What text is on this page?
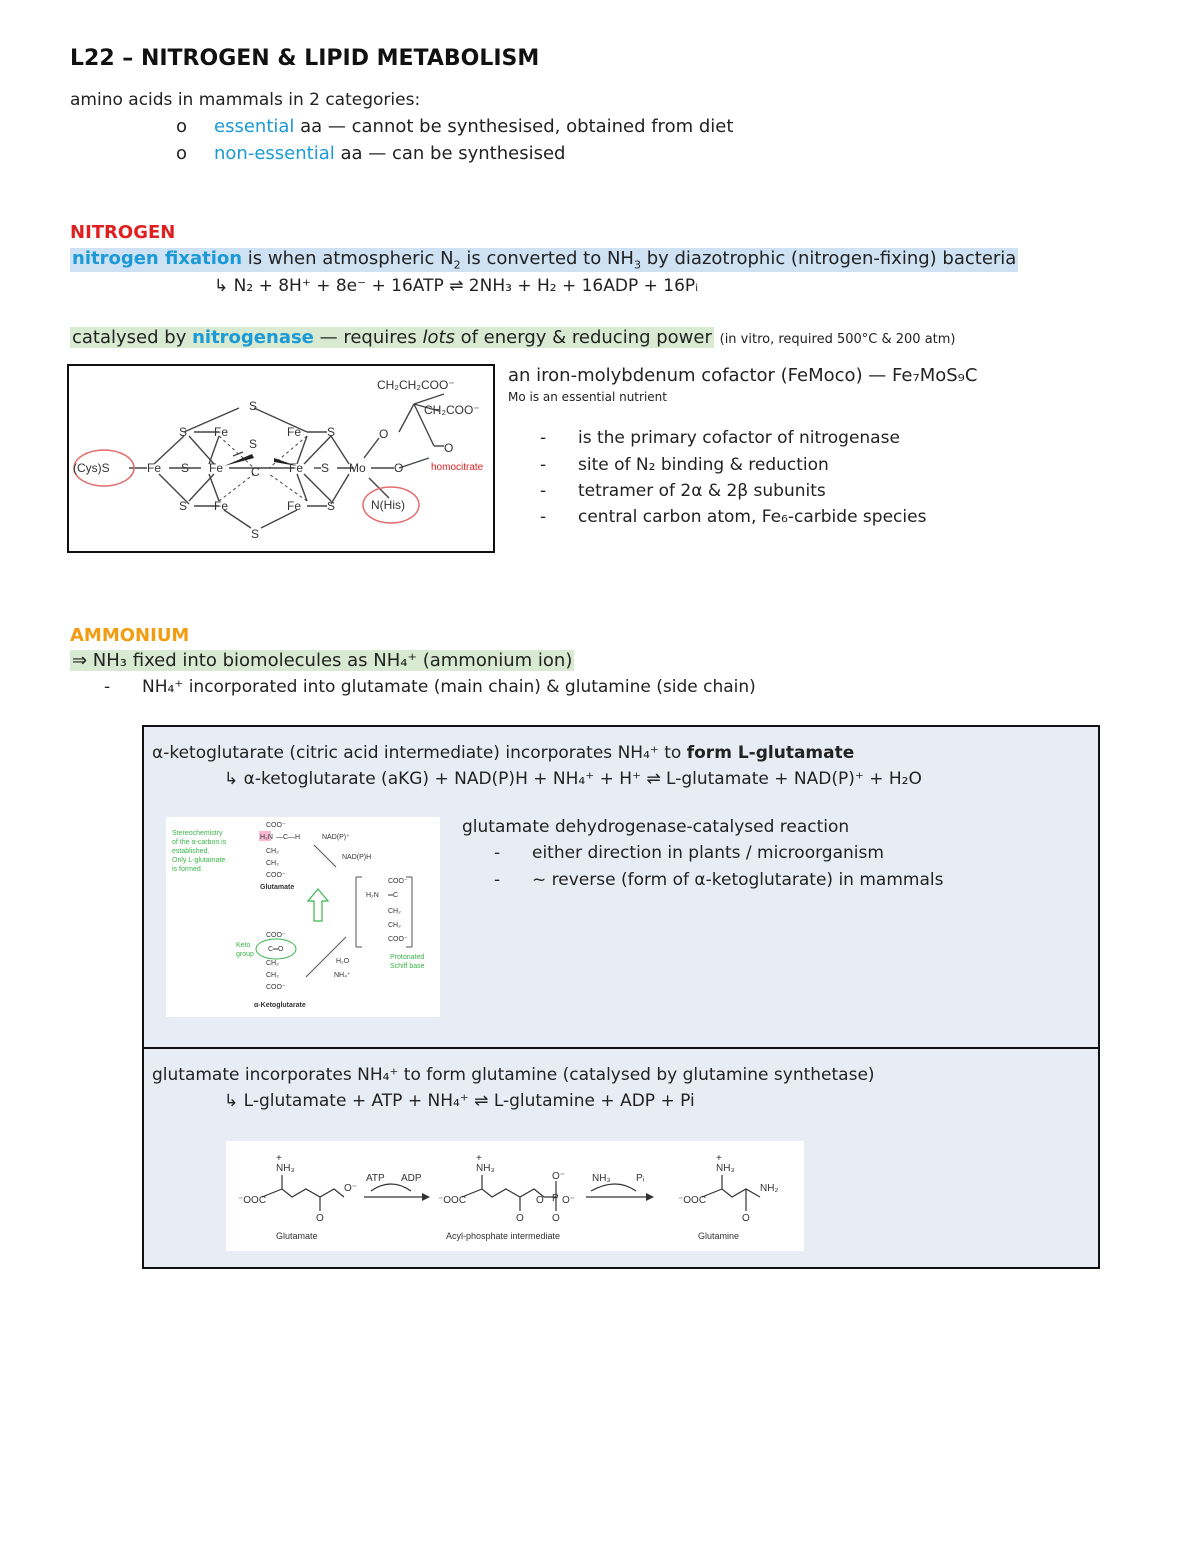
L22 – NITROGEN & LIPID METABOLISM
amino acids in mammals in 2 categories:
o essential aa — cannot be synthesised, obtained from diet
o non-essential aa — can be synthesised
NITROGEN
nitrogen fixation is when atmospheric $N_2$ is converted to $NH_3$ by diazotrophic (nitrogen-fixing) bacteria
↳ N₂ + 8H⁺ + 8e⁻ + 16ATP ⇌ 2NH₃ + H₂ + 16ADP + 16Pᵢ
catalysed by nitrogenase — requires lots of energy & reducing power (in vitro, required 500°C & 200 atm)
S
S Fe	Fe S
S
(Cys)S	Fe S Fe C Fe S Mo O
O
O
S Fe	Fe S
S
CH₂CH₂COO⁻
CH₂COO⁻
N(His)
homocitrate
an iron-molybdenum cofactor (FeMoco) — Fe₇MoS₉C
Mo is an essential nutrient
- is the primary cofactor of nitrogenase
- site of N₂ binding & reduction
- tetramer of 2α & 2β subunits
- central carbon atom, Fe₆-carbide species
AMMONIUM
⇒ NH₃ fixed into biomolecules as NH₄⁺ (ammonium ion)
- NH₄⁺ incorporated into glutamate (main chain) & glutamine (side chain)
α-ketoglutarate (citric acid intermediate) incorporates NH₄⁺ to form L-glutamate
↳ α-ketoglutarate (aKG) + NAD(P)H + NH₄⁺ + H⁺ ⇌ L-glutamate + NAD(P)⁺ + H₂O
Stereochemistry
of the α-carbon is
established.
Only L-glutamate
is formed.
Keto
group	Protonated
Schiff base
COO⁻
H₃N —C—H
CH₂
CH₂
COO⁻
Glutamate
COO⁻
C═O
CH₂
CH₂
COO⁻
α-Ketoglutarate
NAD(P)⁺
NAD(P)H
H₂O
NH₄⁺
COO⁻
H₂N ═C
CH₂
CH₂
COO⁻
glutamate dehydrogenase-catalysed reaction
- either direction in plants / microorganism
- ~ reverse (form of α-ketoglutarate) in mammals
glutamate incorporates NH₄⁺ to form glutamine (catalysed by glutamine synthetase)
↳ L-glutamate + ATP + NH₄⁺ ⇌ L-glutamine + ADP + Pi
NH₃
+
⁻OOC
O⁻
O
NH₃
+
⁻OOC	O
O⁻
O⁻
O
O
P
NH₃
+
⁻OOC
NH₂
O
ATP ADP	NH₃	Pᵢ
Glutamate	Acyl-phosphate intermediate	Glutamine
